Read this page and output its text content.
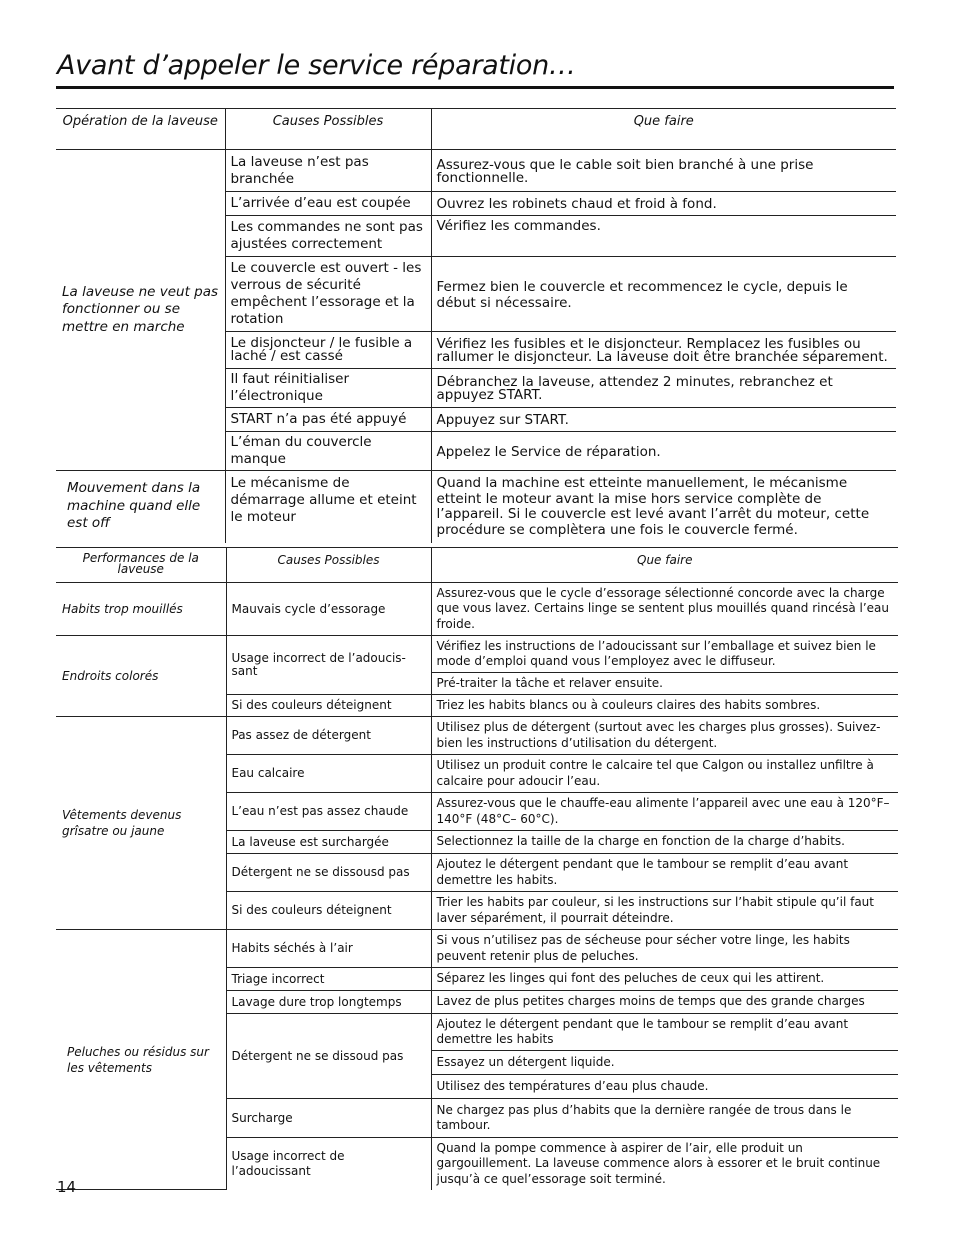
Avant d’appeler le service réparation…
Opération de la laveuse	Causes Possibles	Que faire
La laveuse ne veut pas fonctionner ou se mettre en marche	La laveuse n’est pas branchée	Assurez-vous que le cable soit bien branché à une prise fonctionnelle.
	L’arrivée d’eau est coupée	Ouvrez les robinets chaud et froid à fond.
	Les commandes ne sont pas ajustées correctement	Vérifiez les commandes.
	Le couvercle est ouvert - les verrous de sécurité empêchent l’essorage et la rotation	Fermez bien le couvercle et recommencez le cycle, depuis le début si nécessaire.
	Le disjoncteur / le fusible a laché / est cassé	Vérifiez les fusibles et le disjoncteur. Remplacez les fusibles ou rallumer le disjoncteur. La laveuse doit être branchée séparement.
	Il faut réinitialiser l’électronique	Débranchez la laveuse, attendez 2 minutes, rebranchez et appuyez START.
	START n’a pas été appuyé	Appuyez sur START.
	L’éman du couvercle manque	Appelez le Service de réparation.
Mouvement dans la machine quand elle est off	Le mécanisme de démarrage allume et eteint le moteur	Quand la machine est etteinte manuellement, le mécanisme etteint le moteur avant la mise hors service complète de l’appareil. Si le couvercle est levé avant l’arrêt du moteur, cette procédure se complètera une fois le couvercle fermé.
Performances de la laveuse	Causes Possibles	Que faire
Habits trop mouillés	Mauvais cycle d’essorage	Assurez-vous que le cycle d’essorage sélectionné concorde avec la charge que vous lavez. Certains linge se sentent plus mouillés quand rincésà l’eau froide.
Endroits colorés	Usage incorrect de l’adoucis-sant	Vérifiez les instructions de l’adoucissant sur l’emballage et suivez bien le mode d’emploi quand vous l’employez avec le diffuseur.
		Pré-traiter la tâche et relaver ensuite.
	Si des couleurs déteignent	Triez les habits blancs ou à couleurs claires des habits sombres.
Vêtements devenus grîsatre ou jaune	Pas assez de détergent	Utilisez plus de détergent (surtout avec les charges plus grosses). Suivez-bien les instructions d’utilisation du détergent.
	Eau calcaire	Utilisez un produit contre le calcaire tel que Calgon ou installez unfiltre à calcaire pour adoucir l’eau.
	L’eau n’est pas assez chaude	Assurez-vous que le chauffe-eau alimente l’appareil avec une eau à 120°F–140°F (48°C– 60°C).
	La laveuse est surchargée	Selectionnez la taille de la charge en fonction de la charge d’habits.
	Détergent ne se dissousd pas	Ajoutez le détergent pendant que le tambour se remplit d’eau avant demettre les habits.
	Si des couleurs déteignent	Trier les habits par couleur, si les instructions sur l’habit stipule qu’il faut laver séparément, il pourrait déteindre.
Peluches ou résidus sur les vêtements	Habits séchés à l’air	Si vous n’utilisez pas de sécheuse pour sécher votre linge, les habits peuvent retenir plus de peluches.
	Triage incorrect	Séparez les linges qui font des peluches de ceux qui les attirent.
	Lavage dure trop longtemps	Lavez de plus petites charges moins de temps que des grande charges
	Détergent ne se dissoud pas	Ajoutez le détergent pendant que le tambour se remplit d’eau avant demettre les habits
		Essayez un détergent liquide.
		Utilisez des températures d’eau plus chaude.
	Surcharge	Ne chargez pas plus d’habits que la dernière rangée de trous dans le tambour.
	Usage incorrect de l’adoucissant	Quand la pompe commence à aspirer de l’air, elle produit un gargouillement. La laveuse commence alors à essorer et le bruit continue jusqu’à ce quel’essorage soit terminé.
14
